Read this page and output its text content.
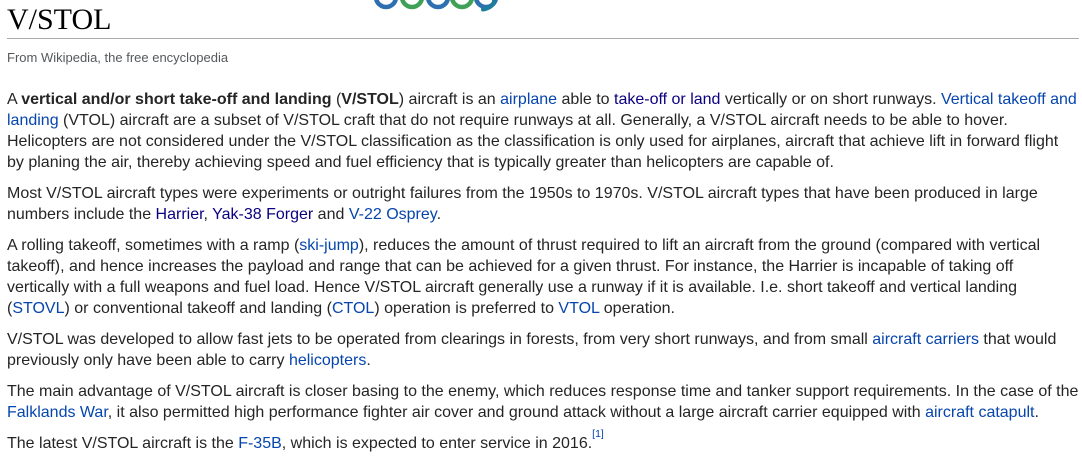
V/STOL
From Wikipedia, the free encyclopedia

A vertical and/or short take-off and landing (V/STOL) aircraft is an airplane able to take-off or land vertically or on short runways. Vertical takeoff and landing (VTOL) aircraft are a subset of V/STOL craft that do not require runways at all. Generally, a V/STOL aircraft needs to be able to hover. Helicopters are not considered under the V/STOL classification as the classification is only used for airplanes, aircraft that achieve lift in forward flight by planing the air, thereby achieving speed and fuel efficiency that is typically greater than helicopters are capable of.

Most V/STOL aircraft types were experiments or outright failures from the 1950s to 1970s. V/STOL aircraft types that have been produced in large numbers include the Harrier, Yak-38 Forger and V-22 Osprey.

A rolling takeoff, sometimes with a ramp (ski-jump), reduces the amount of thrust required to lift an aircraft from the ground (compared with vertical takeoff), and hence increases the payload and range that can be achieved for a given thrust. For instance, the Harrier is incapable of taking off vertically with a full weapons and fuel load. Hence V/STOL aircraft generally use a runway if it is available. I.e. short takeoff and vertical landing (STOVL) or conventional takeoff and landing (CTOL) operation is preferred to VTOL operation.

V/STOL was developed to allow fast jets to be operated from clearings in forests, from very short runways, and from small aircraft carriers that would previously only have been able to carry helicopters.

The main advantage of V/STOL aircraft is closer basing to the enemy, which reduces response time and tanker support requirements. In the case of the Falklands War, it also permitted high performance fighter air cover and ground attack without a large aircraft carrier equipped with aircraft catapult.

The latest V/STOL aircraft is the F-35B, which is expected to enter service in 2016.[1]
